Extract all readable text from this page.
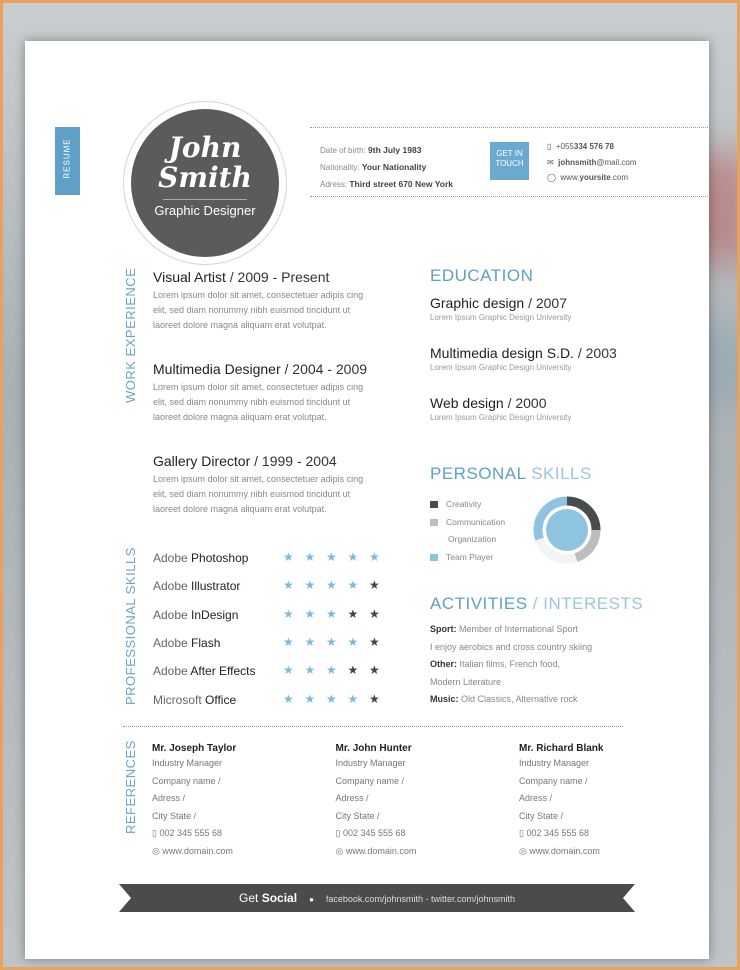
RESUME	John
Smith
Graphic Designer
Date of birth: 9th July 1983
Nationality: Your Nationality
Adress: Third street 670 New York
GET IN
TOUCH
▯ +055334 576 78
✉ johnsmith@mail.com
◯ www.yoursite.com
WORK EXPERIENCE Visual Artist / 2009 - Present
Lorem ipsum dolor sit amet, consectetuer adipis cing
elit, sed diam nonummy nibh euismod tincidunt ut
laoreet dolore magna aliquam erat volutpat.
Multimedia Designer / 2004 - 2009
Lorem ipsum dolor sit amet, consectetuer adipis cing
elit, sed diam nonummy nibh euismod tincidunt ut
laoreet dolore magna aliquam erat volutpat.
Gallery Director / 1999 - 2004
Lorem ipsum dolor sit amet, consectetuer adipis cing
elit, sed diam nonummy nibh euismod tincidunt ut
laoreet dolore magna aliquam erat volutpat.
PROFESSIONAL SKILLS Adobe Photoshop	★ ★ ★ ★ ★
Adobe Illustrator	★ ★ ★ ★ ★
Adobe InDesign	★ ★ ★ ★ ★
Adobe Flash	★ ★ ★ ★ ★
Adobe After Effects ★ ★ ★ ★ ★
Microsoft Office	★ ★ ★ ★ ★
EDUCATION
Graphic design / 2007
Lorem Ipsum Graphic Design University
Multimedia design S.D. / 2003
Lorem Ipsum Graphic Design University
Web design / 2000
Lorem Ipsum Graphic Design University
PERSONAL SKILLS
Creativity
Communication
Organization
Team Player
ACTIVITIES / INTERESTS
Sport: Member of International Sport
I enjoy aerobics and cross country skiing
Other: Italian films, French food,
Modern Literature
Music: Old Classics, Alternative rock
REFERENCES Mr. Joseph Taylor
Industry Manager
Company name /
Adress /
City State /
▯ 002 345 555 68
◎ www.domain.com
Mr. John Hunter
Industry Manager
Company name /
Adress /
City State /
▯ 002 345 555 68
◎ www.domain.com
Mr. Richard Blank
Industry Manager
Company name /
Adress /
City State /
▯ 002 345 555 68
◎ www.domain.com
Get Social ● facebook.com/johnsmith - twitter.com/johnsmith
